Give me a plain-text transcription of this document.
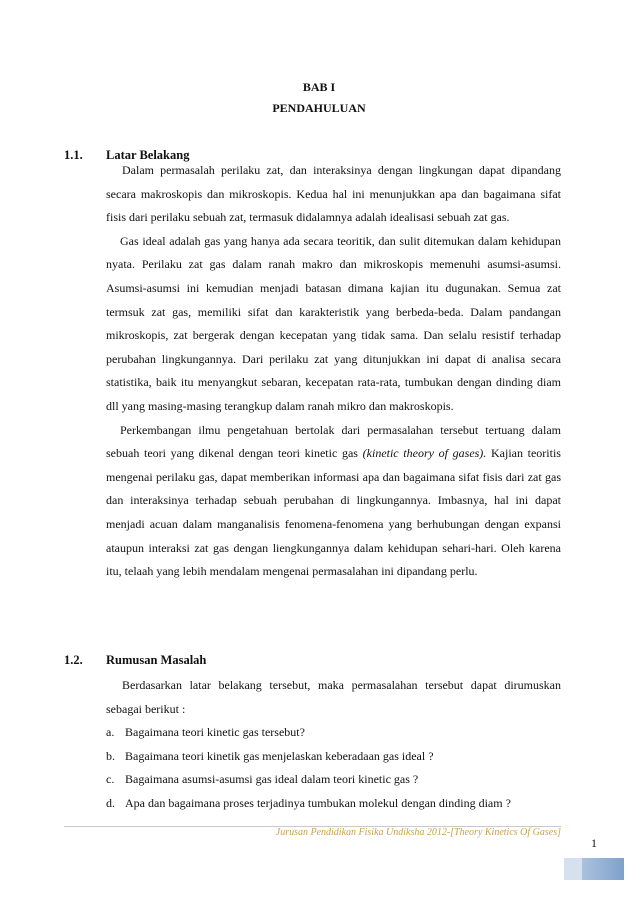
BAB I
PENDAHULUAN
1.1. Latar Belakang

Dalam permasalah perilaku zat, dan interaksinya dengan lingkungan dapat dipandang secara makroskopis dan mikroskopis. Kedua hal ini menunjukkan apa dan bagaimana sifat fisis dari perilaku sebuah zat, termasuk didalamnya adalah idealisasi sebuah zat gas.

Gas ideal adalah gas yang hanya ada secara teoritik, dan sulit ditemukan dalam kehidupan nyata. Perilaku zat gas dalam ranah makro dan mikroskopis memenuhi asumsi-asumsi. Asumsi-asumsi ini kemudian menjadi batasan dimana kajian itu dugunakan. Semua zat termsuk zat gas, memiliki sifat dan karakteristik yang berbeda-beda. Dalam pandangan mikroskopis, zat bergerak dengan kecepatan yang tidak sama. Dan selalu resistif terhadap perubahan lingkungannya. Dari perilaku zat yang ditunjukkan ini dapat di analisa secara statistika, baik itu menyangkut sebaran, kecepatan rata-rata, tumbukan dengan dinding diam dll yang masing-masing terangkup dalam ranah mikro dan makroskopis.

Perkembangan ilmu pengetahuan bertolak dari permasalahan tersebut tertuang dalam sebuah teori yang dikenal dengan teori kinetic gas (kinetic theory of gases). Kajian teoritis mengenai perilaku gas, dapat memberikan informasi apa dan bagaimana sifat fisis dari zat gas dan interaksinya terhadap sebuah perubahan di lingkungannya. Imbasnya, hal ini dapat menjadi acuan dalam manganalisis fenomena-fenomena yang berhubungan dengan expansi ataupun interaksi zat gas dengan liengkungannya dalam kehidupan sehari-hari. Oleh karena itu, telaah yang lebih mendalam mengenai permasalahan ini dipandang perlu.

1.2. Rumusan Masalah

Berdasarkan latar belakang tersebut, maka permasalahan tersebut dapat dirumuskan sebagai berikut :

a. Bagaimana teori kinetic gas tersebut?
b. Bagaimana teori kinetik gas menjelaskan keberadaan gas ideal ?
c. Bagaimana asumsi-asumsi gas ideal dalam teori kinetic gas ?
d. Apa dan bagaimana proses terjadinya tumbukan molekul dengan dinding diam ?
Jurusan Pendidikan Fisika Undiksha 2012-[Theory Kinetics Of Gases]
1
